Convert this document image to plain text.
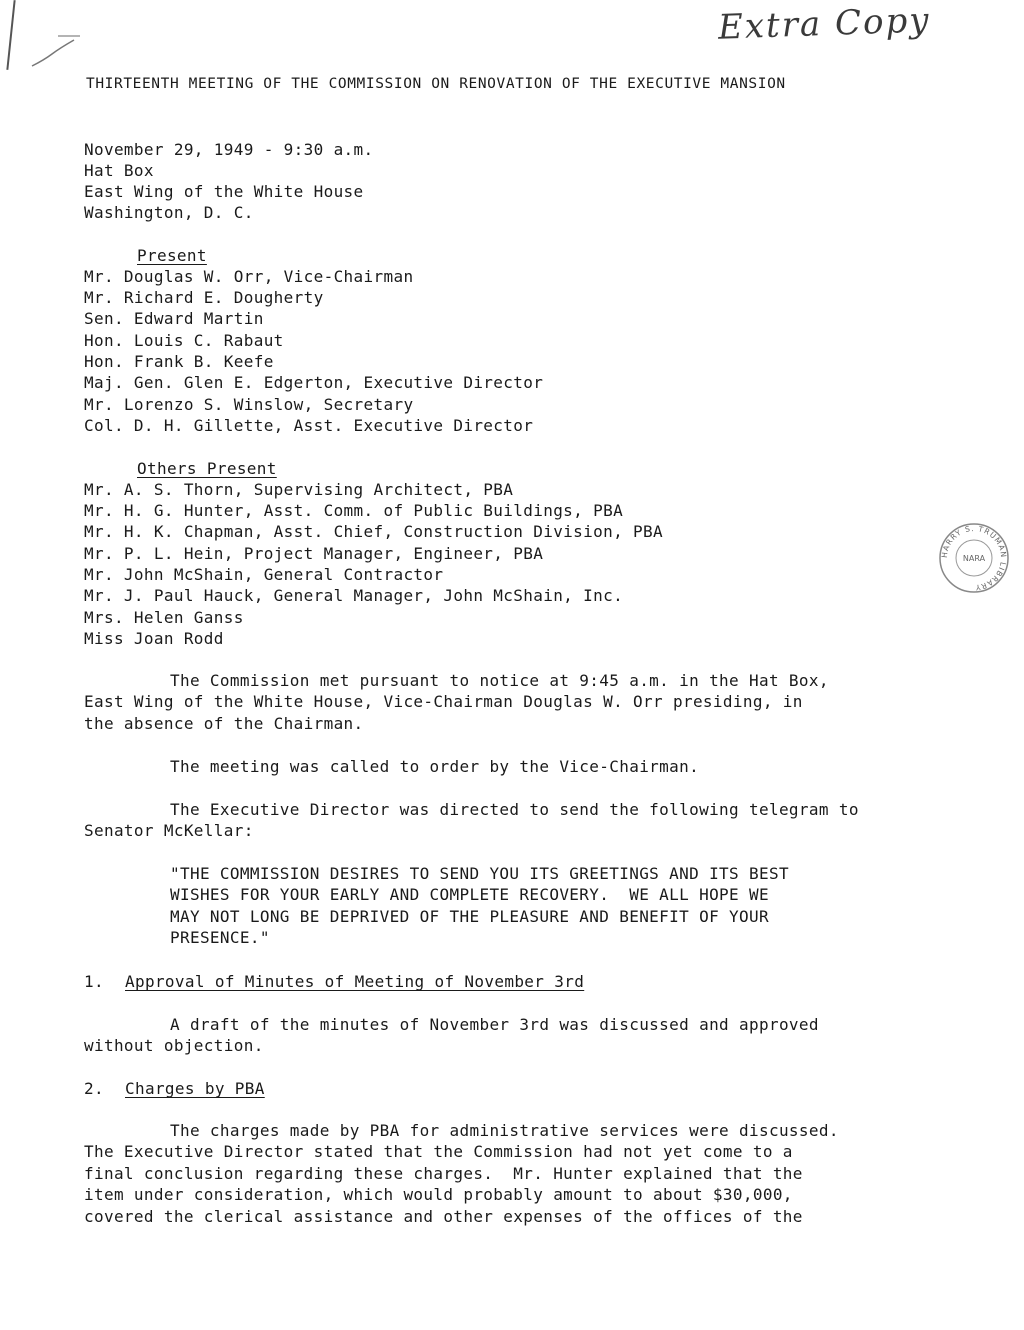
Extra Copy
HARRY S. TRUMAN LIBRARY
NARA
THIRTEENTH MEETING OF THE COMMISSION ON RENOVATION OF THE EXECUTIVE MANSION
November 29, 1949 - 9:30 a.m.
Hat Box
East Wing of the White House
Washington, D. C.
Present
Mr. Douglas W. Orr, Vice-Chairman
Mr. Richard E. Dougherty
Sen. Edward Martin
Hon. Louis C. Rabaut
Hon. Frank B. Keefe
Maj. Gen. Glen E. Edgerton, Executive Director
Mr. Lorenzo S. Winslow, Secretary
Col. D. H. Gillette, Asst. Executive Director
Others Present
Mr. A. S. Thorn, Supervising Architect, PBA
Mr. H. G. Hunter, Asst. Comm. of Public Buildings, PBA
Mr. H. K. Chapman, Asst. Chief, Construction Division, PBA
Mr. P. L. Hein, Project Manager, Engineer, PBA
Mr. John McShain, General Contractor
Mr. J. Paul Hauck, General Manager, John McShain, Inc.
Mrs. Helen Ganss
Miss Joan Rodd
The Commission met pursuant to notice at 9:45 a.m. in the Hat Box,
East Wing of the White House, Vice-Chairman Douglas W. Orr presiding, in
the absence of the Chairman.
The meeting was called to order by the Vice-Chairman.
The Executive Director was directed to send the following telegram to
Senator McKellar:
"THE COMMISSION DESIRES TO SEND YOU ITS GREETINGS AND ITS BEST
WISHES FOR YOUR EARLY AND COMPLETE RECOVERY.  WE ALL HOPE WE
MAY NOT LONG BE DEPRIVED OF THE PLEASURE AND BENEFIT OF YOUR
PRESENCE."
1. Approval of Minutes of Meeting of November 3rd
A draft of the minutes of November 3rd was discussed and approved
without objection.
2. Charges by PBA
The charges made by PBA for administrative services were discussed.
The Executive Director stated that the Commission had not yet come to a
final conclusion regarding these charges.  Mr. Hunter explained that the
item under consideration, which would probably amount to about $30,000,
covered the clerical assistance and other expenses of the offices of the
